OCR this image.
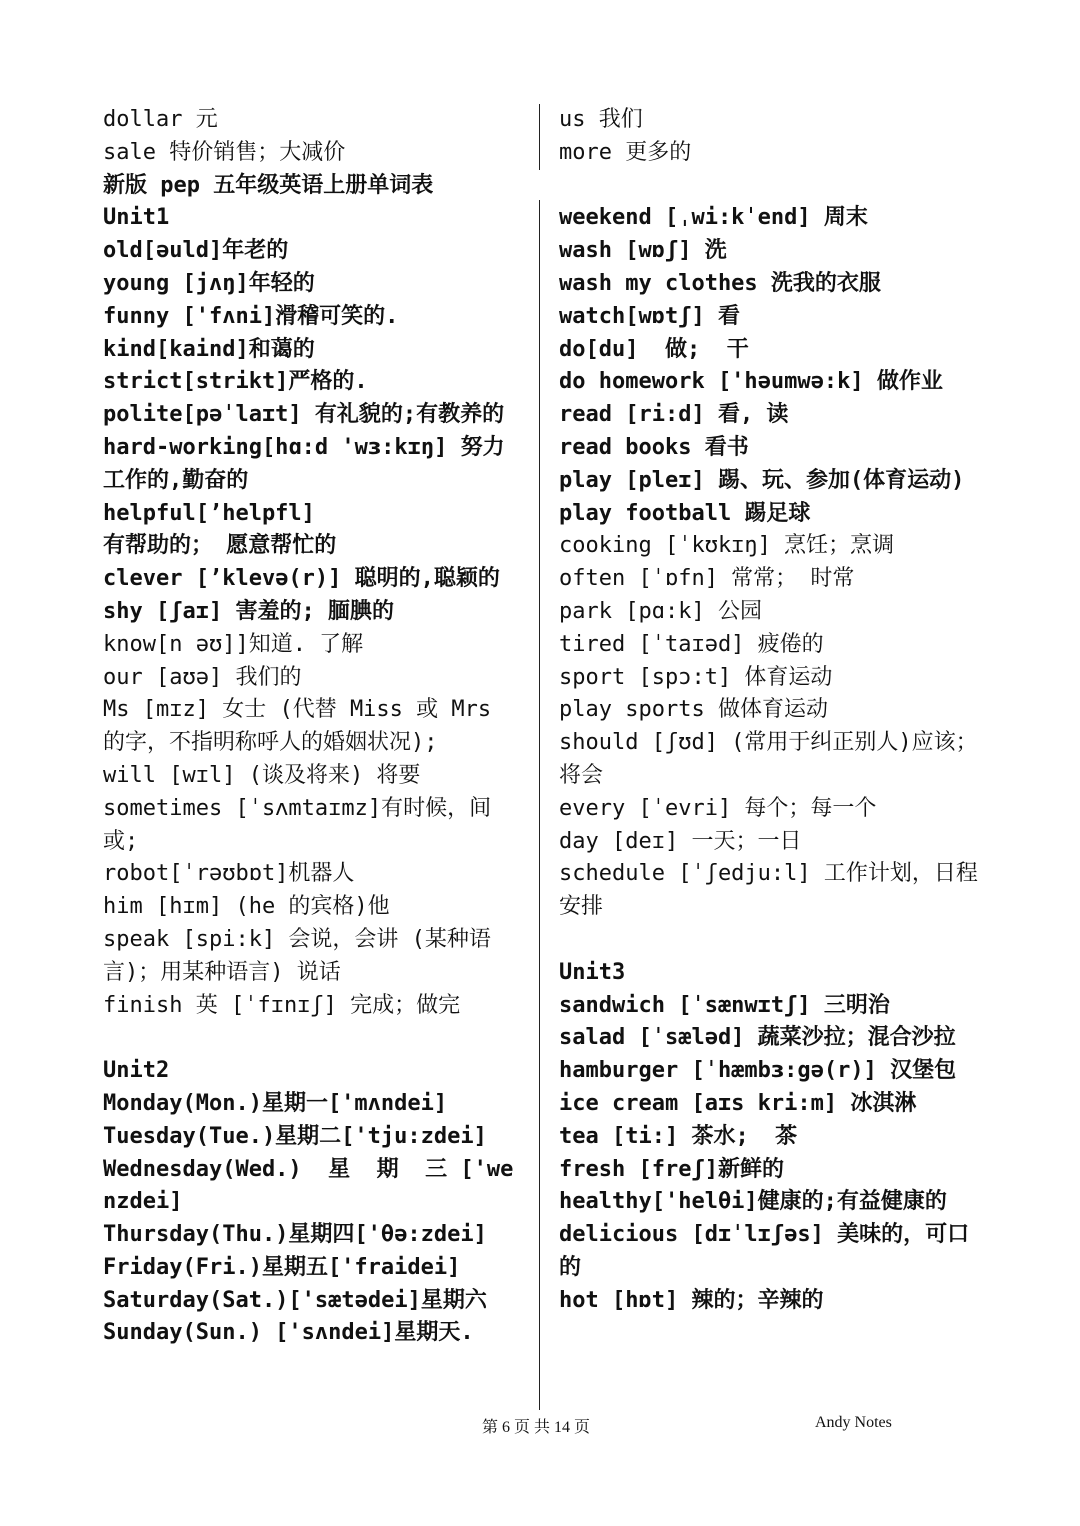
dollar 元
sale 特价销售；大减价
新版 pep 五年级英语上册单词表
Unit1
old[əuld]年老的
young [jʌŋ]年轻的
funny ['fʌni]滑稽可笑的.
kind[kaind]和蔼的
strict[strikt]严格的.
polite[pəˈlaɪt] 有礼貌的;有教养的
hard-working[hɑ:d 'wɜ:kɪŋ] 努力工作的,勤奋的
helpful[’helpfl]
有帮助的； 愿意帮忙的
clever [’klevə(r)] 聪明的,聪颖的
shy [ʃaɪ] 害羞的; 腼腆的
know[n əʊ]]知道. 了解
our [aʊə] 我们的
Ms [mɪz] 女士 (代替 Miss 或 Mrs 的字，不指明称呼人的婚姻状况);
will [wɪl] (谈及将来) 将要
sometimes [ˈsʌmtaɪmz]有时候，间或;
robot[ˈrəʊbɒt]机器人
him [hɪm] (he 的宾格)他
speak [spi:k] 会说，会讲 (某种语言)；用某种语言) 说话
finish 英 [ˈfɪnɪʃ] 完成；做完
Unit2
Monday(Mon.)星期一['mʌndei]
Tuesday(Tue.)星期二['tju:zdei]
Wednesday(Wed.)  星  期  三 ['wenzdei]
Thursday(Thu.)星期四['θə:zdei]
Friday(Fri.)星期五['fraidei]
Saturday(Sat.)['sætədei]星期六
Sunday(Sun.) ['sʌndei]星期天.
us 我们
more 更多的
weekend [ˌwi:kˈend] 周末
wash [wɒʃ] 洗
wash my clothes 洗我的衣服
watch[wɒtʃ] 看
do[du]  做;  干
do homework ['həumwə:k] 做作业
read [ri:d] 看, 读
read books 看书
play [pleɪ] 踢、玩、参加(体育运动)
play football 踢足球
cooking [ˈkʊkɪŋ] 烹饪；烹调
often [ˈɒfn] 常常； 时常
park [pɑ:k] 公园
tired [ˈtaɪəd] 疲倦的
sport [spɔ:t] 体育运动
play sports 做体育运动
should [ʃʊd] (常用于纠正别人)应该； 将会
every [ˈevri] 每个；每一个
day [deɪ] 一天；一日
schedule [ˈʃedju:l] 工作计划，日程安排
Unit3
sandwich [ˈsænwɪtʃ] 三明治
salad [ˈsæləd] 蔬菜沙拉；混合沙拉
hamburger [ˈhæmbɜ:gə(r)] 汉堡包
ice cream [aɪs kri:m] 冰淇淋
tea [ti:] 茶水;  茶
fresh [freʃ]新鲜的
healthy['helθi]健康的;有益健康的
delicious [dɪˈlɪʃəs] 美味的，可口的
hot [hɒt] 辣的；辛辣的
第 6 页 共 14 页	Andy Notes
